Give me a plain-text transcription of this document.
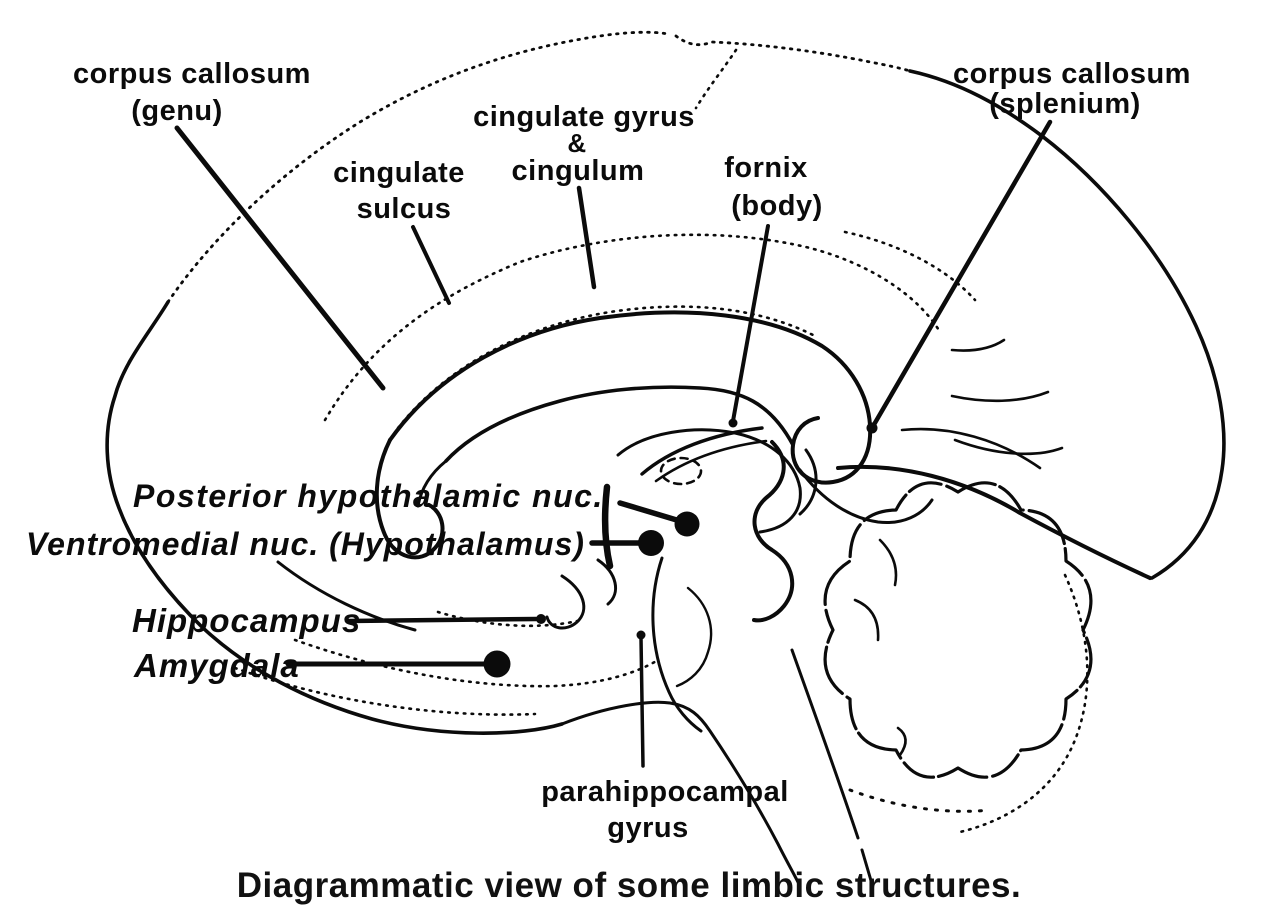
corpus callosum
(genu)
cingulate
sulcus
cingulate gyrus
&
cingulum	fornix
(body)
corpus callosum
(splenium)
Posterior hypothalamic nuc.
Ventromedial nuc. (Hypothalamus)
Hippocampus
Amygdala
parahippocampal
gyrus
Diagrammatic view of some limbic structures.
